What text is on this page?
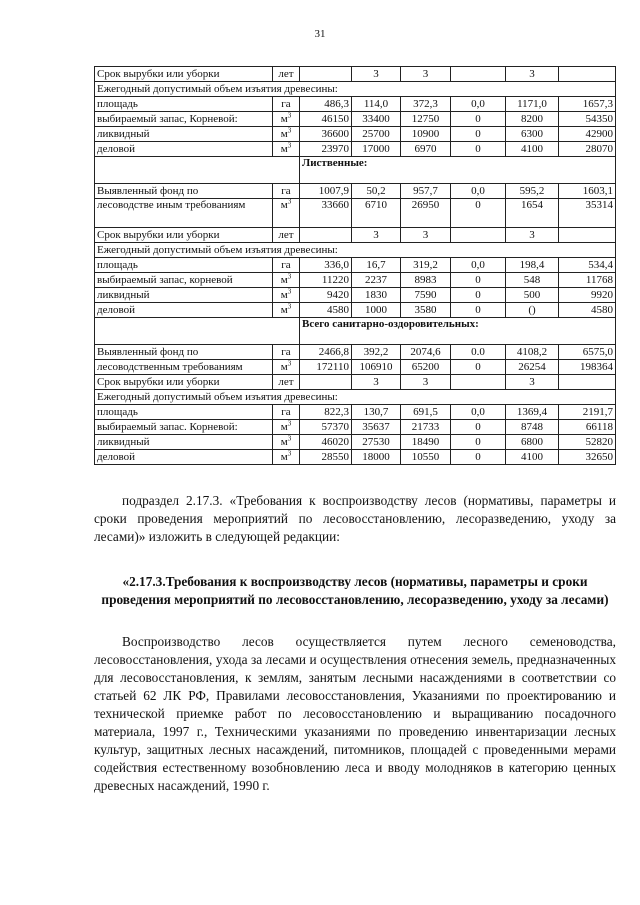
31
Срок вырубки или уборки	лет		3	3		3	
Ежегодный допустимый объем изъятия древесины:							
площадь	га	486,3	114,0	372,3	0,0	1171,0	1657,3
выбираемый запас, Корневой:	$м^3$	46150	33400	12750	0	8200	54350
ликвидный	$м^3$	36600	25700	10900	0	6300	42900
деловой	$м^3$	23970	17000	6970	0	4100	28070
		Лиственные:					
Выявленный фонд по	га	1007,9	50,2	957,7	0,0	595,2	1603,1
лесоводстве иным требованиям	$м^3$	33660	6710	26950	0	1654	35314
Срок вырубки или уборки	лет		3	3		3	
Ежегодный допустимый объем изъятия древесины:							
площадь	га	336,0	16,7	319,2	0,0	198,4	534,4
выбираемый запас, корневой	$м^3$	11220	2237	8983	0	548	11768
ликвидный	$м^3$	9420	1830	7590	0	500	9920
деловой	$м^3$	4580	1000	3580	0	()	4580
		Всего санитарно-оздоровительных:					
Выявленный фонд по	га	2466,8	392,2	2074,6	0.0	4108,2	6575,0
лесоводственным требованиям	$м^3$	172110	106910	65200	0	26254	198364
Срок вырубки или уборки	лет		3	3		3	
Ежегодный допустимый объем изъятия древесины:							
площадь	га	822,3	130,7	691,5	0,0	1369,4	2191,7
выбираемый запас. Корневой:	$м^3$	57370	35637	21733	0	8748	66118
ликвидный	$м^3$	46020	27530	18490	0	6800	52820
деловой	$м^3$	28550	18000	10550	0	4100	32650
подраздел 2.17.3. «Требования к воспроизводству лесов (нормативы, параметры и сроки проведения мероприятий по лесовосстановлению, лесоразведению, уходу за лесами)» изложить в следующей редакции:
«2.17.3.Требования к воспроизводству лесов (нормативы, параметры и сроки проведения мероприятий по лесовосстановлению, лесоразведению, уходу за лесами)
Воспроизводство лесов осуществляется путем лесного семеноводства, лесовосстановления, ухода за лесами и осуществления отнесения земель, предназначенных для лесовосстановления, к землям, занятым лесными насаждениями в соответствии со статьей 62 ЛК РФ, Правилами лесовосстановления, Указаниями по проектированию и технической приемке работ по лесовосстановлению и выращиванию посадочного материала, 1997 г., Техническими указаниями по проведению инвентаризации лесных культур, защитных лесных насаждений, питомников, площадей с проведенными мерами содействия естественному возобновлению леса и вводу молодняков в категорию ценных древесных насаждений, 1990 г.
